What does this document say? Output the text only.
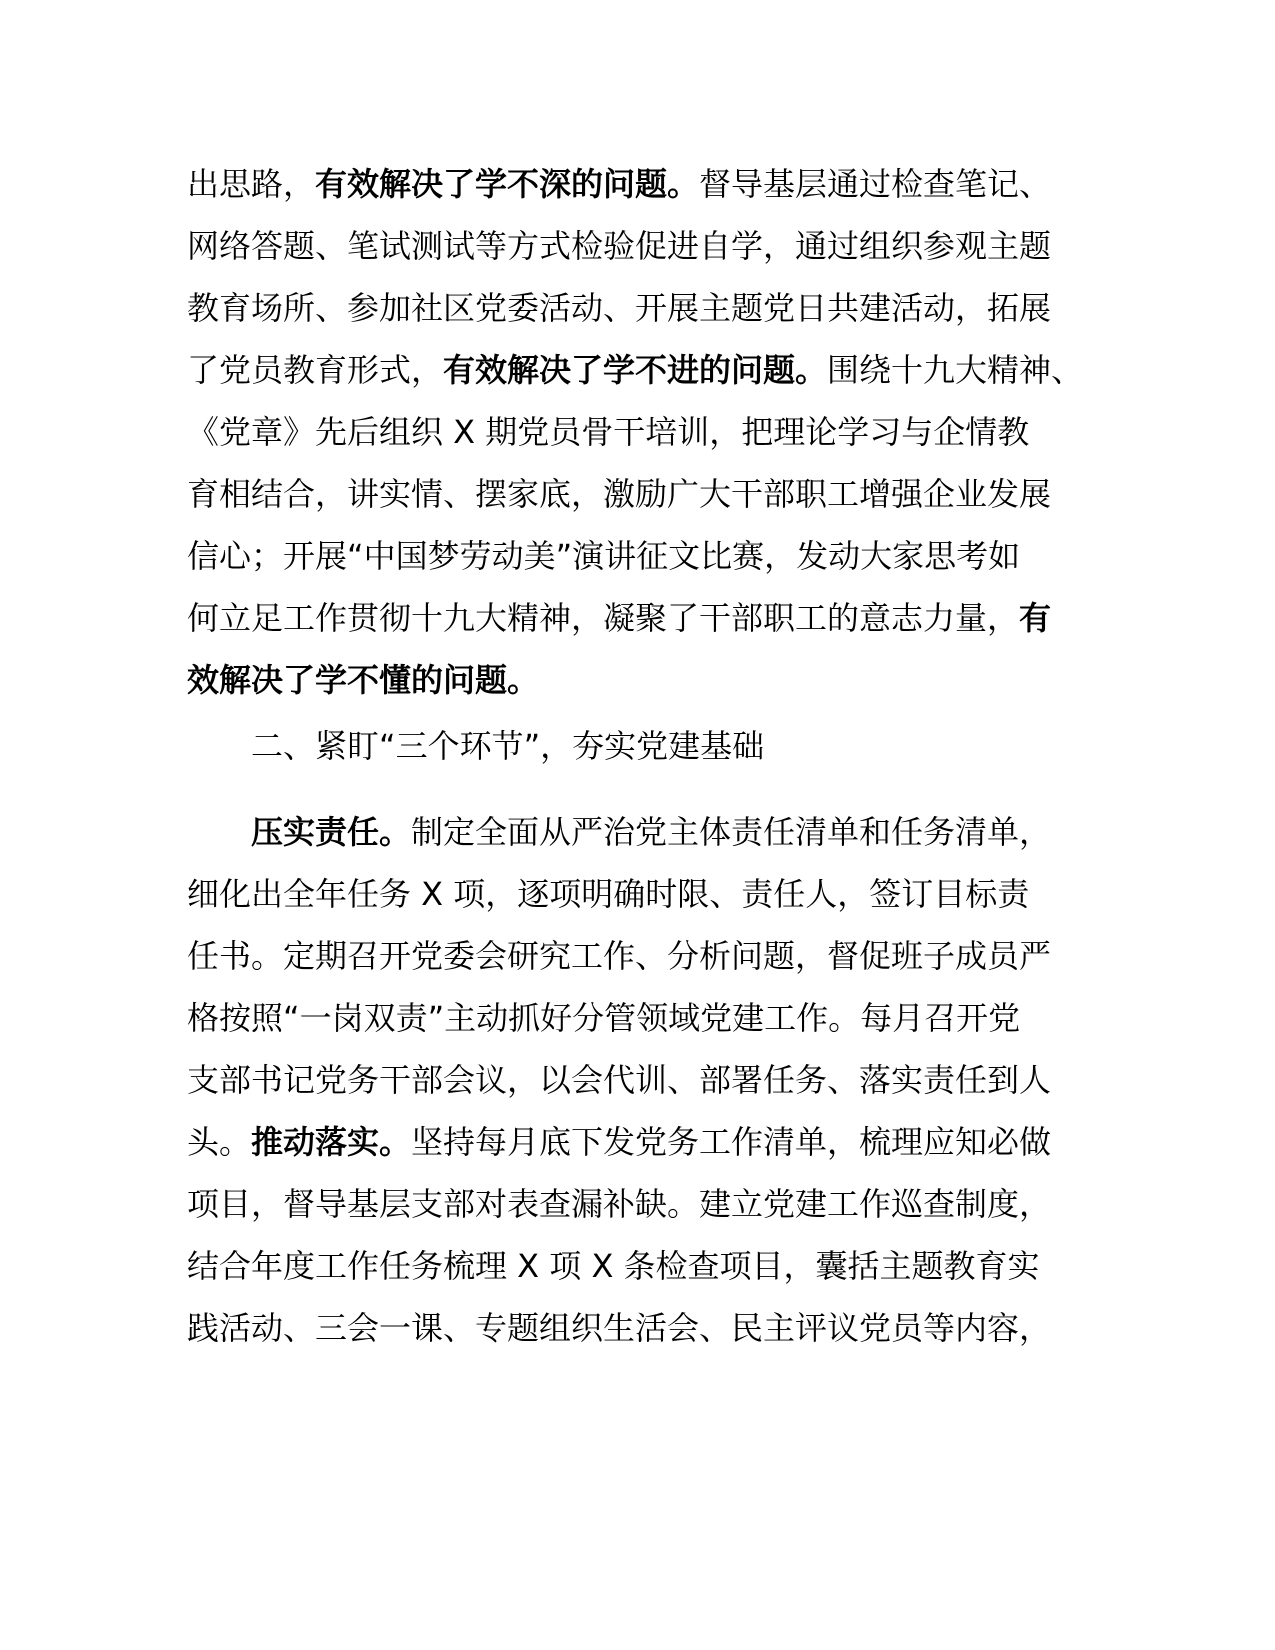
出思路，有效解决了学不深的问题。督导基层通过检查笔记、
网络答题、笔试测试等方式检验促进自学，通过组织参观主题
教育场所、参加社区党委活动、开展主题党日共建活动，拓展
了党员教育形式，有效解决了学不进的问题。围绕十九大精神、
《党章》先后组织 X 期党员骨干培训，把理论学习与企情教
育相结合，讲实情、摆家底，激励广大干部职工增强企业发展
信心；开展“中国梦劳动美”演讲征文比赛，发动大家思考如
何立足工作贯彻十九大精神，凝聚了干部职工的意志力量，有
效解决了学不懂的问题。
二、紧盯“三个环节”，夯实党建基础
压实责任。制定全面从严治党主体责任清单和任务清单，
细化出全年任务 X 项，逐项明确时限、责任人，签订目标责
任书。定期召开党委会研究工作、分析问题，督促班子成员严
格按照“一岗双责”主动抓好分管领域党建工作。每月召开党
支部书记党务干部会议，以会代训、部署任务、落实责任到人
头。推动落实。坚持每月底下发党务工作清单，梳理应知必做
项目，督导基层支部对表查漏补缺。建立党建工作巡查制度，
结合年度工作任务梳理 X 项 X 条检查项目，囊括主题教育实
践活动、三会一课、专题组织生活会、民主评议党员等内容，
